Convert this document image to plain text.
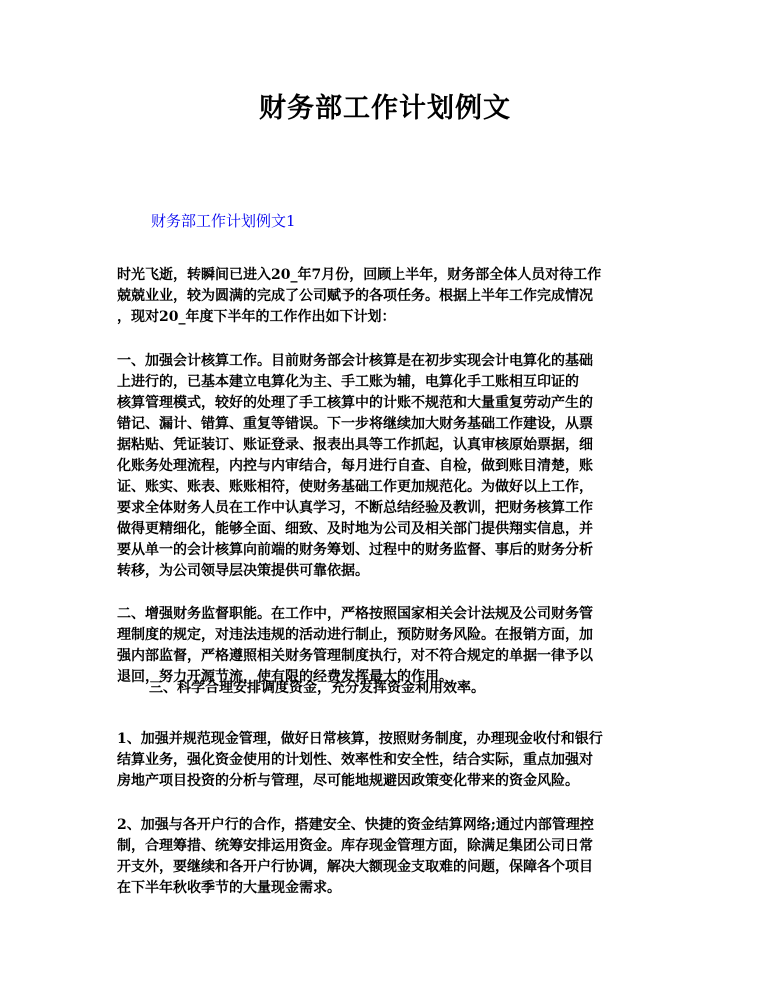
财务部工作计划例文

财务部工作计划例文1

时光飞逝，转瞬间已进入20_年7月份，回顾上半年，财务部全体人员对待工作
兢兢业业，较为圆满的完成了公司赋予的各项任务。根据上半年工作完成情况
，现对20_年度下半年的工作作出如下计划：

一、加强会计核算工作。目前财务部会计核算是在初步实现会计电算化的基础
上进行的，已基本建立电算化为主、手工账为辅，电算化手工账相互印证的
核算管理模式，较好的处理了手工核算中的计账不规范和大量重复劳动产生的
错记、漏计、错算、重复等错误。下一步将继续加大财务基础工作建设，从票
据粘贴、凭证装订、账证登录、报表出具等工作抓起，认真审核原始票据，细
化账务处理流程，内控与内审结合，每月进行自查、自检，做到账目清楚，账
证、账实、账表、账账相符，使财务基础工作更加规范化。为做好以上工作，
要求全体财务人员在工作中认真学习，不断总结经验及教训，把财务核算工作
做得更精细化，能够全面、细致、及时地为公司及相关部门提供翔实信息，并
要从单一的会计核算向前端的财务筹划、过程中的财务监督、事后的财务分析
转移，为公司领导层决策提供可靠依据。

二、增强财务监督职能。在工作中，严格按照国家相关会计法规及公司财务管
理制度的规定，对违法违规的活动进行制止，预防财务风险。在报销方面，加
强内部监督，严格遵照相关财务管理制度执行，对不符合规定的单据一律予以
退回，努力开源节流，使有限的经费发挥最大的作用。

三、科学合理安排调度资金，充分发挥资金利用效率。

1、加强并规范现金管理，做好日常核算，按照财务制度，办理现金收付和银行
结算业务，强化资金使用的计划性、效率性和安全性，结合实际，重点加强对
房地产项目投资的分析与管理，尽可能地规避因政策变化带来的资金风险。

2、加强与各开户行的合作，搭建安全、快捷的资金结算网络;通过内部管理控
制，合理筹措、统筹安排运用资金。库存现金管理方面，除满足集团公司日常
开支外，要继续和各开户行协调，解决大额现金支取难的问题，保障各个项目
在下半年秋收季节的大量现金需求。
